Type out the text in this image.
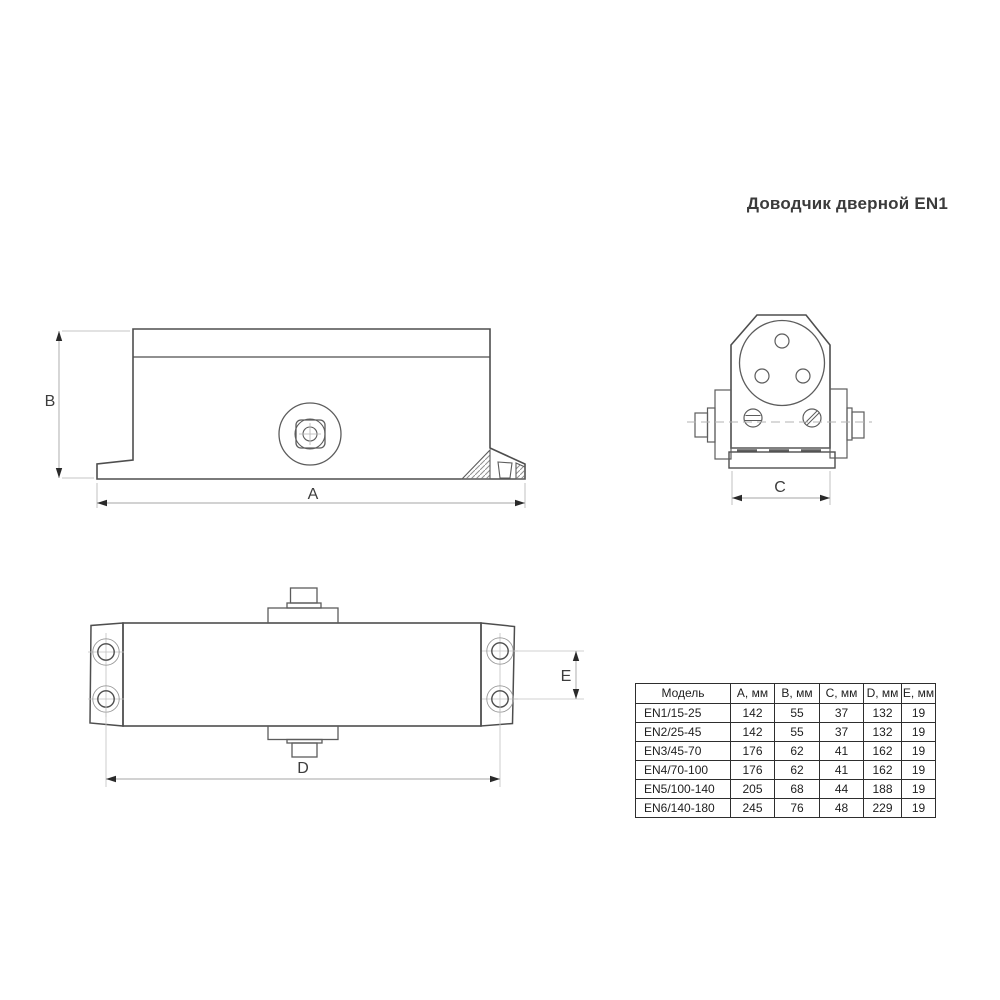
Доводчик дверной EN1
B
A	C
D
E
Модель	A, мм	B, мм	C, мм	D, мм	E, мм
EN1/15-25	142	55	37	132	19
EN2/25-45	142	55	37	132	19
EN3/45-70	176	62	41	162	19
EN4/70-100	176	62	41	162	19
EN5/100-140	205	68	44	188	19
EN6/140-180	245	76	48	229	19
